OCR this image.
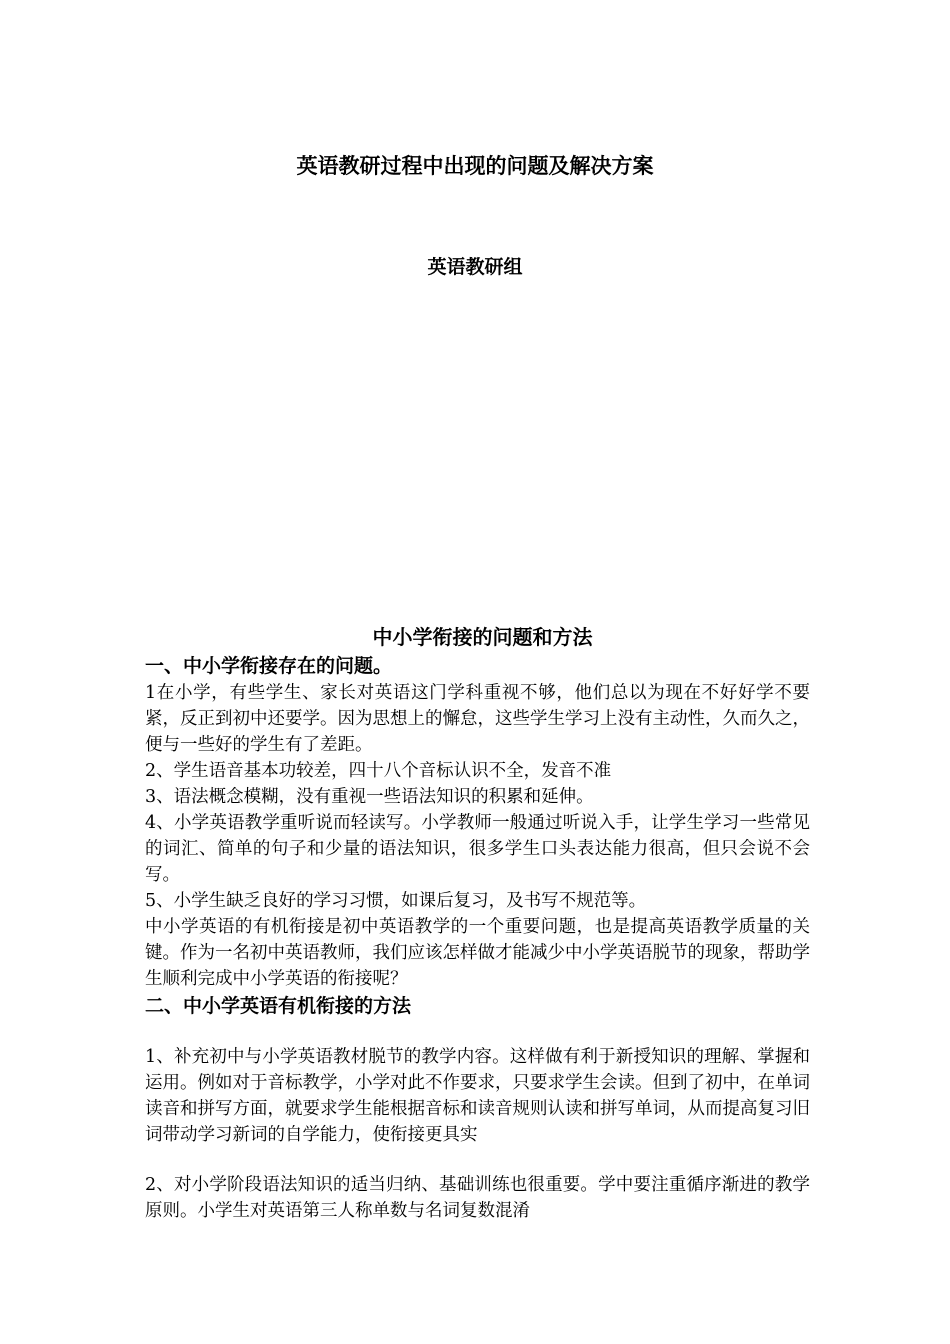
英语教研过程中出现的问题及解决方案
英语教研组
中小学衔接的问题和方法

一、中小学衔接存在的问题。

1在小学，有些学生、家长对英语这门学科重视不够，他们总以为现在不好好学不要紧，反正到初中还要学。因为思想上的懈怠，这些学生学习上没有主动性，久而久之，便与一些好的学生有了差距。

2、学生语音基本功较差，四十八个音标认识不全，发音不准

3、语法概念模糊，没有重视一些语法知识的积累和延伸。

4、小学英语教学重听说而轻读写。小学教师一般通过听说入手，让学生学习一些常见的词汇、简单的句子和少量的语法知识，很多学生口头表达能力很高，但只会说不会写。

5、小学生缺乏良好的学习习惯，如课后复习，及书写不规范等。

中小学英语的有机衔接是初中英语教学的一个重要问题，也是提高英语教学质量的关键。作为一名初中英语教师，我们应该怎样做才能减少中小学英语脱节的现象，帮助学生顺利完成中小学英语的衔接呢？

二、中小学英语有机衔接的方法

1、补充初中与小学英语教材脱节的教学内容。这样做有利于新授知识的理解、掌握和运用。例如对于音标教学，小学对此不作要求，只要求学生会读。但到了初中，在单词读音和拼写方面，就要求学生能根据音标和读音规则认读和拼写单词，从而提高复习旧词带动学习新词的自学能力，使衔接更具实

2、对小学阶段语法知识的适当归纳、基础训练也很重要。学中要注重循序渐进的教学原则。小学生对英语第三人称单数与名词复数混淆
